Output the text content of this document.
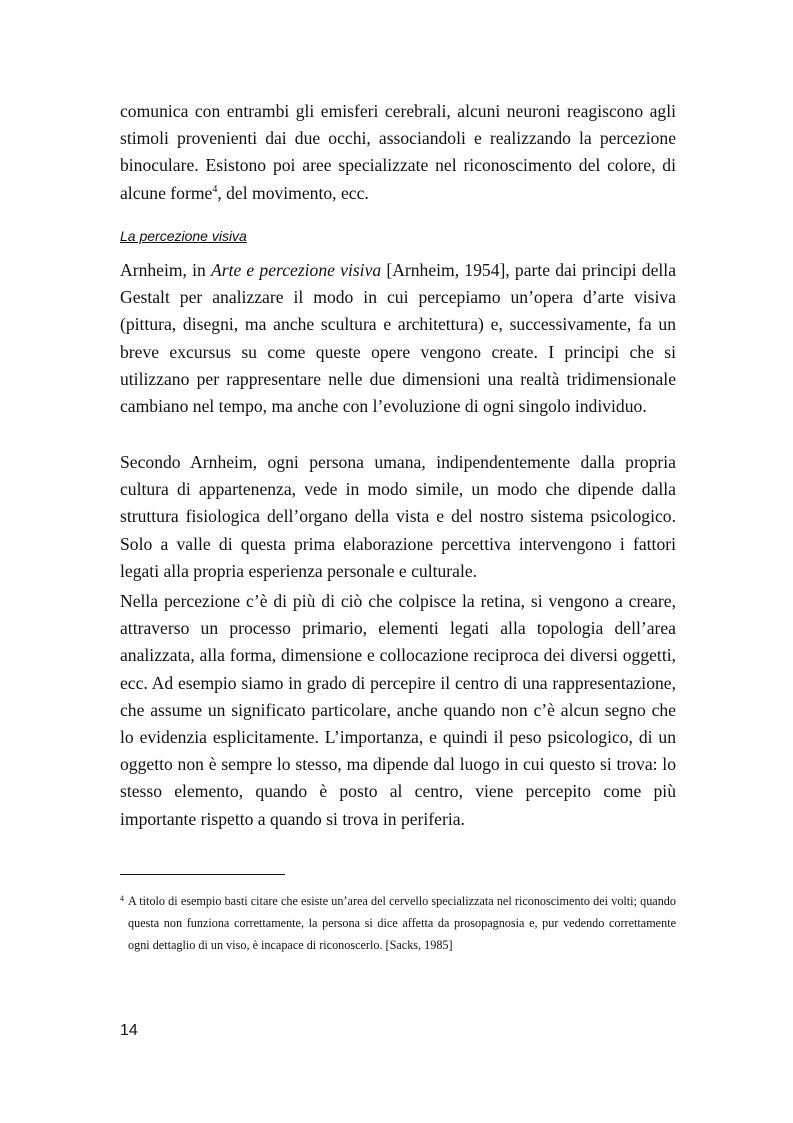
comunica con entrambi gli emisferi cerebrali, alcuni neuroni reagiscono agli stimoli provenienti dai due occhi, associandoli e realizzando la percezione binoculare. Esistono poi aree specializzate nel riconoscimento del colore, di alcune forme$^4$, del movimento, ecc.

La percezione visiva

Arnheim, in Arte e percezione visiva [Arnheim, 1954], parte dai principi della Gestalt per analizzare il modo in cui percepiamo un’opera d’arte visiva (pittura, disegni, ma anche scultura e architettura) e, successivamente, fa un breve excursus su come queste opere vengono create. I principi che si utilizzano per rappresentare nelle due dimensioni una realtà tridimensionale cambiano nel tempo, ma anche con l’evoluzione di ogni singolo individuo.

Secondo Arnheim, ogni persona umana, indipendentemente dalla propria cultura di appartenenza, vede in modo simile, un modo che dipende dalla struttura fisiologica dell’organo della vista e del nostro sistema psicologico. Solo a valle di questa prima elaborazione percettiva intervengono i fattori legati alla propria esperienza personale e culturale.

Nella percezione c’è di più di ciò che colpisce la retina, si vengono a creare, attraverso un processo primario, elementi legati alla topologia dell’area analizzata, alla forma, dimensione e collocazione reciproca dei diversi oggetti, ecc. Ad esempio siamo in grado di percepire il centro di una rappresentazione, che assume un significato particolare, anche quando non c’è alcun segno che lo evidenzia esplicitamente. L’importanza, e quindi il peso psicologico, di un oggetto non è sempre lo stesso, ma dipende dal luogo in cui questo si trova: lo stesso elemento, quando è posto al centro, viene percepito come più importante rispetto a quando si trova in periferia.

$^4$ A titolo di esempio basti citare che esiste un’area del cervello specializzata nel riconoscimento dei volti; quando questa non funziona correttamente, la persona si dice affetta da prosopagnosia e, pur vedendo correttamente ogni dettaglio di un viso, è incapace di riconoscerlo. [Sacks, 1985]

14
